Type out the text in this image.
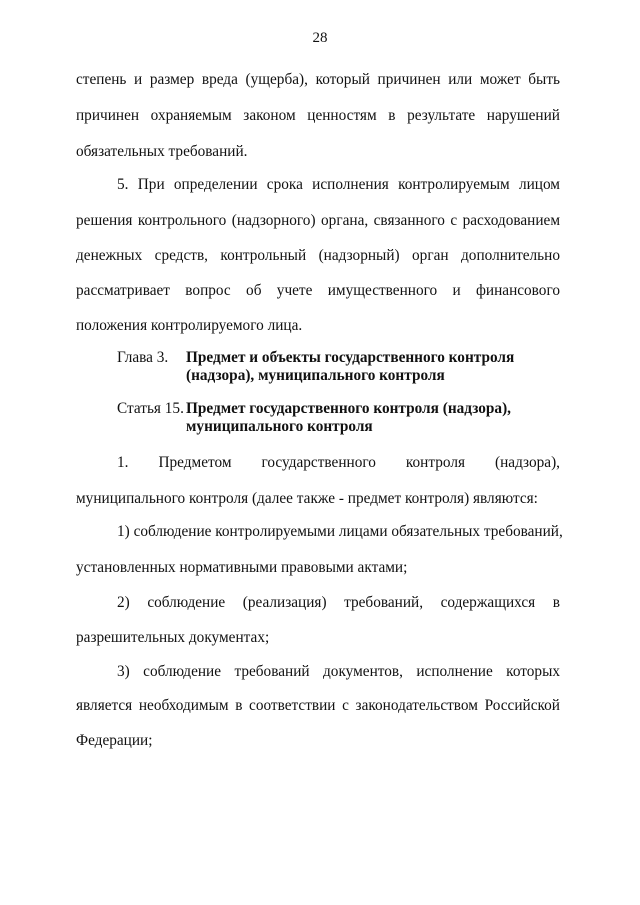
28
степень и размер вреда (ущерба), который причинен или может быть
причинен охраняемым законом ценностям в результате нарушений
обязательных требований.
5. При определении срока исполнения контролируемым лицом
решения контрольного (надзорного) органа, связанного с расходованием
денежных средств, контрольный (надзорный) орган дополнительно
рассматривает вопрос об учете имущественного и финансового
положения контролируемого лица.
Глава 3. Предмет и объекты государственного контроля
(надзора), муниципального контроля
Статья 15. Предмет государственного контроля (надзора),
муниципального контроля
1. Предметом государственного контроля (надзора),
муниципального контроля (далее также - предмет контроля) являются:
1) соблюдение контролируемыми лицами обязательных требований,
установленных нормативными правовыми актами;
2) соблюдение (реализация) требований, содержащихся в
разрешительных документах;
3) соблюдение требований документов, исполнение которых
является необходимым в соответствии с законодательством Российской
Федерации;
